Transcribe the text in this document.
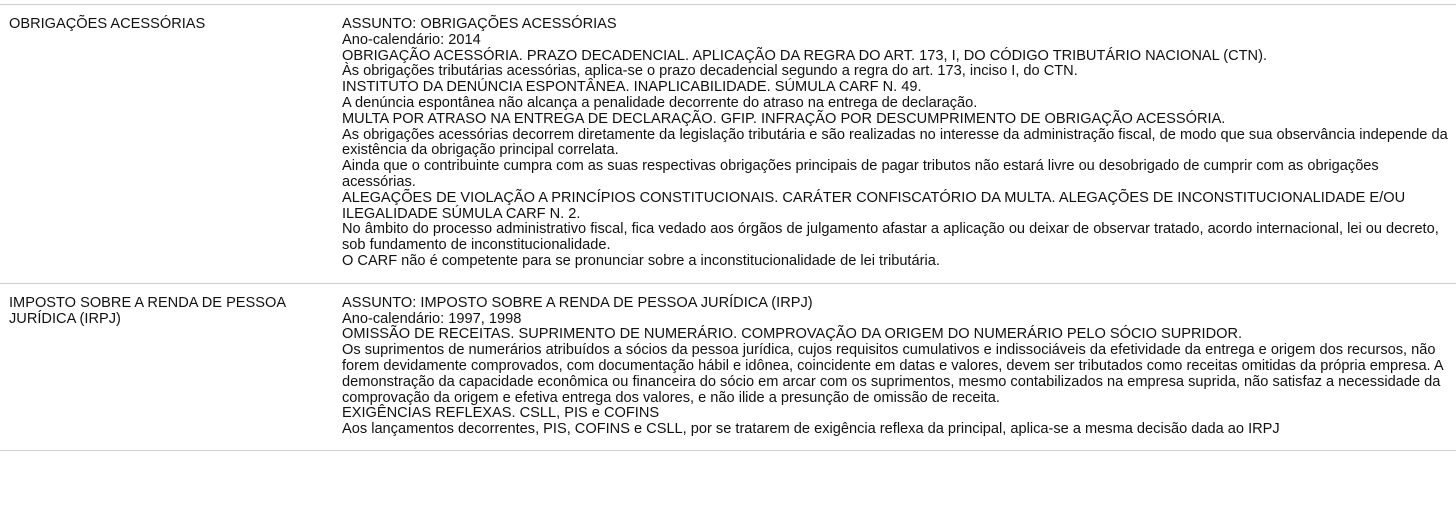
OBRIGAÇÕES ACESSÓRIAS	ASSUNTO: OBRIGAÇÕES ACESSÓRIAS
Ano-calendário: 2014
OBRIGAÇÃO ACESSÓRIA. PRAZO DECADENCIAL. APLICAÇÃO DA REGRA DO ART. 173, I, DO CÓDIGO TRIBUTÁRIO NACIONAL (CTN).
Às obrigações tributárias acessórias, aplica-se o prazo decadencial segundo a regra do art. 173, inciso I, do CTN.
INSTITUTO DA DENÚNCIA ESPONTÂNEA. INAPLICABILIDADE. SÚMULA CARF N. 49.
A denúncia espontânea não alcança a penalidade decorrente do atraso na entrega de declaração.
MULTA POR ATRASO NA ENTREGA DE DECLARAÇÃO. GFIP. INFRAÇÃO POR DESCUMPRIMENTO DE OBRIGAÇÃO ACESSÓRIA.
As obrigações acessórias decorrem diretamente da legislação tributária e são realizadas no interesse da administração fiscal, de modo que sua observância independe da existência da obrigação principal correlata.
Ainda que o contribuinte cumpra com as suas respectivas obrigações principais de pagar tributos não estará livre ou desobrigado de cumprir com as obrigações acessórias.
ALEGAÇÕES DE VIOLAÇÃO A PRINCÍPIOS CONSTITUCIONAIS. CARÁTER CONFISCATÓRIO DA MULTA. ALEGAÇÕES DE INCONSTITUCIONALIDADE E/OU ILEGALIDADE SÚMULA CARF N. 2.
No âmbito do processo administrativo fiscal, fica vedado aos órgãos de julgamento afastar a aplicação ou deixar de observar tratado, acordo internacional, lei ou decreto, sob fundamento de inconstitucionalidade.
O CARF não é competente para se pronunciar sobre a inconstitucionalidade de lei tributária.
IMPOSTO SOBRE A RENDA DE PESSOA JURÍDICA (IRPJ)
ASSUNTO: IMPOSTO SOBRE A RENDA DE PESSOA JURÍDICA (IRPJ)
Ano-calendário: 1997, 1998
OMISSÃO DE RECEITAS. SUPRIMENTO DE NUMERÁRIO. COMPROVAÇÃO DA ORIGEM DO NUMERÁRIO PELO SÓCIO SUPRIDOR.
Os suprimentos de numerários atribuídos a sócios da pessoa jurídica, cujos requisitos cumulativos e indissociáveis da efetividade da entrega e origem dos recursos, não forem devidamente comprovados, com documentação hábil e idônea, coincidente em datas e valores, devem ser tributados como receitas omitidas da própria empresa. A demonstração da capacidade econômica ou financeira do sócio em arcar com os suprimentos, mesmo contabilizados na empresa suprida, não satisfaz a necessidade da comprovação da origem e efetiva entrega dos valores, e não ilide a presunção de omissão de receita.
EXIGÊNCIAS REFLEXAS. CSLL, PIS e COFINS
Aos lançamentos decorrentes, PIS, COFINS e CSLL, por se tratarem de exigência reflexa da principal, aplica-se a mesma decisão dada ao IRPJ
